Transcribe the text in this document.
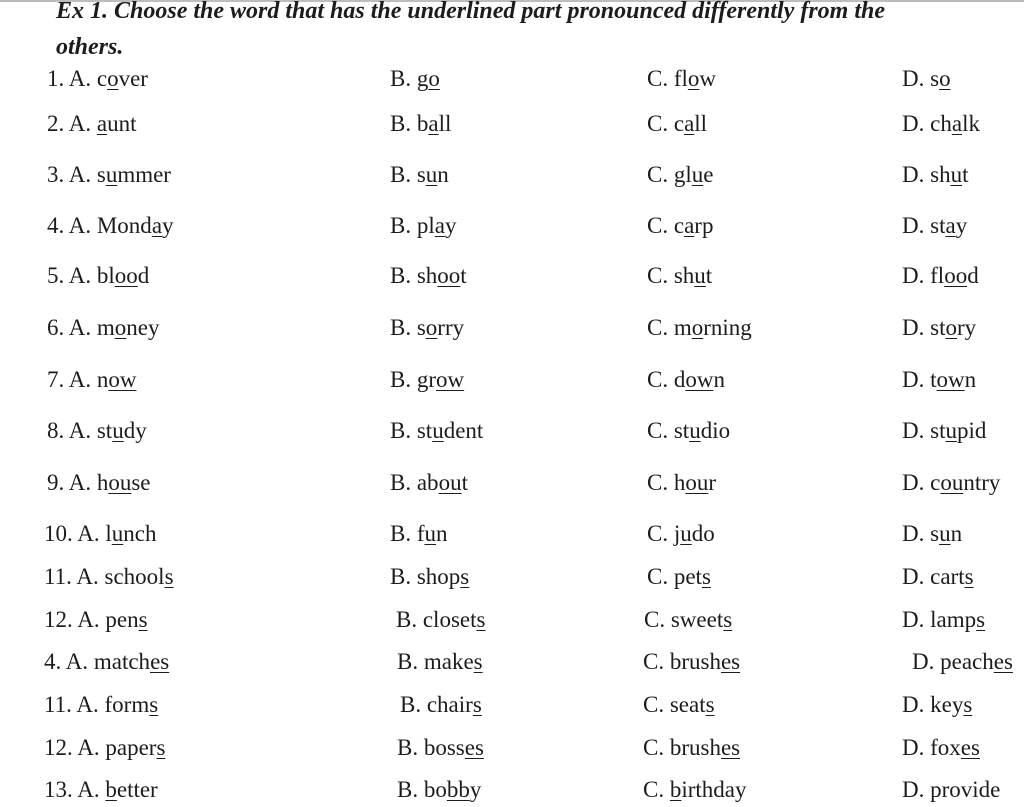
Ex 1. Choose the word that has the underlined part pronounced differently from the
others.
1. A. cover	B. go	C. flow	D. so
2. A. aunt	B. ball	C. call	D. chalk
3. A. summer	B. sun	C. glue	D. shut
4. A. Monday	B. play	C. carp	D. stay
5. A. blood	B. shoot	C. shut	D. flood
6. A. money	B. sorry	C. morning	D. story
7. A. now	B. grow	C. down	D. town
8. A. study	B. student	C. studio	D. stupid
9. A. house	B. about	C. hour	D. country
10. A. lunch	B. fun	C. judo	D. sun
11. A. schools	B. shops	C. pets	D. carts
12. A. pens	B. closets	C. sweets	D. lamps
4. A. matches	B. makes	C. brushes	D. peaches
11. A. forms	B. chairs	C. seats	D. keys
12. A. papers	B. bosses	C. brushes	D. foxes
13. A. better	B. bobby	C. birthday	D. provide
